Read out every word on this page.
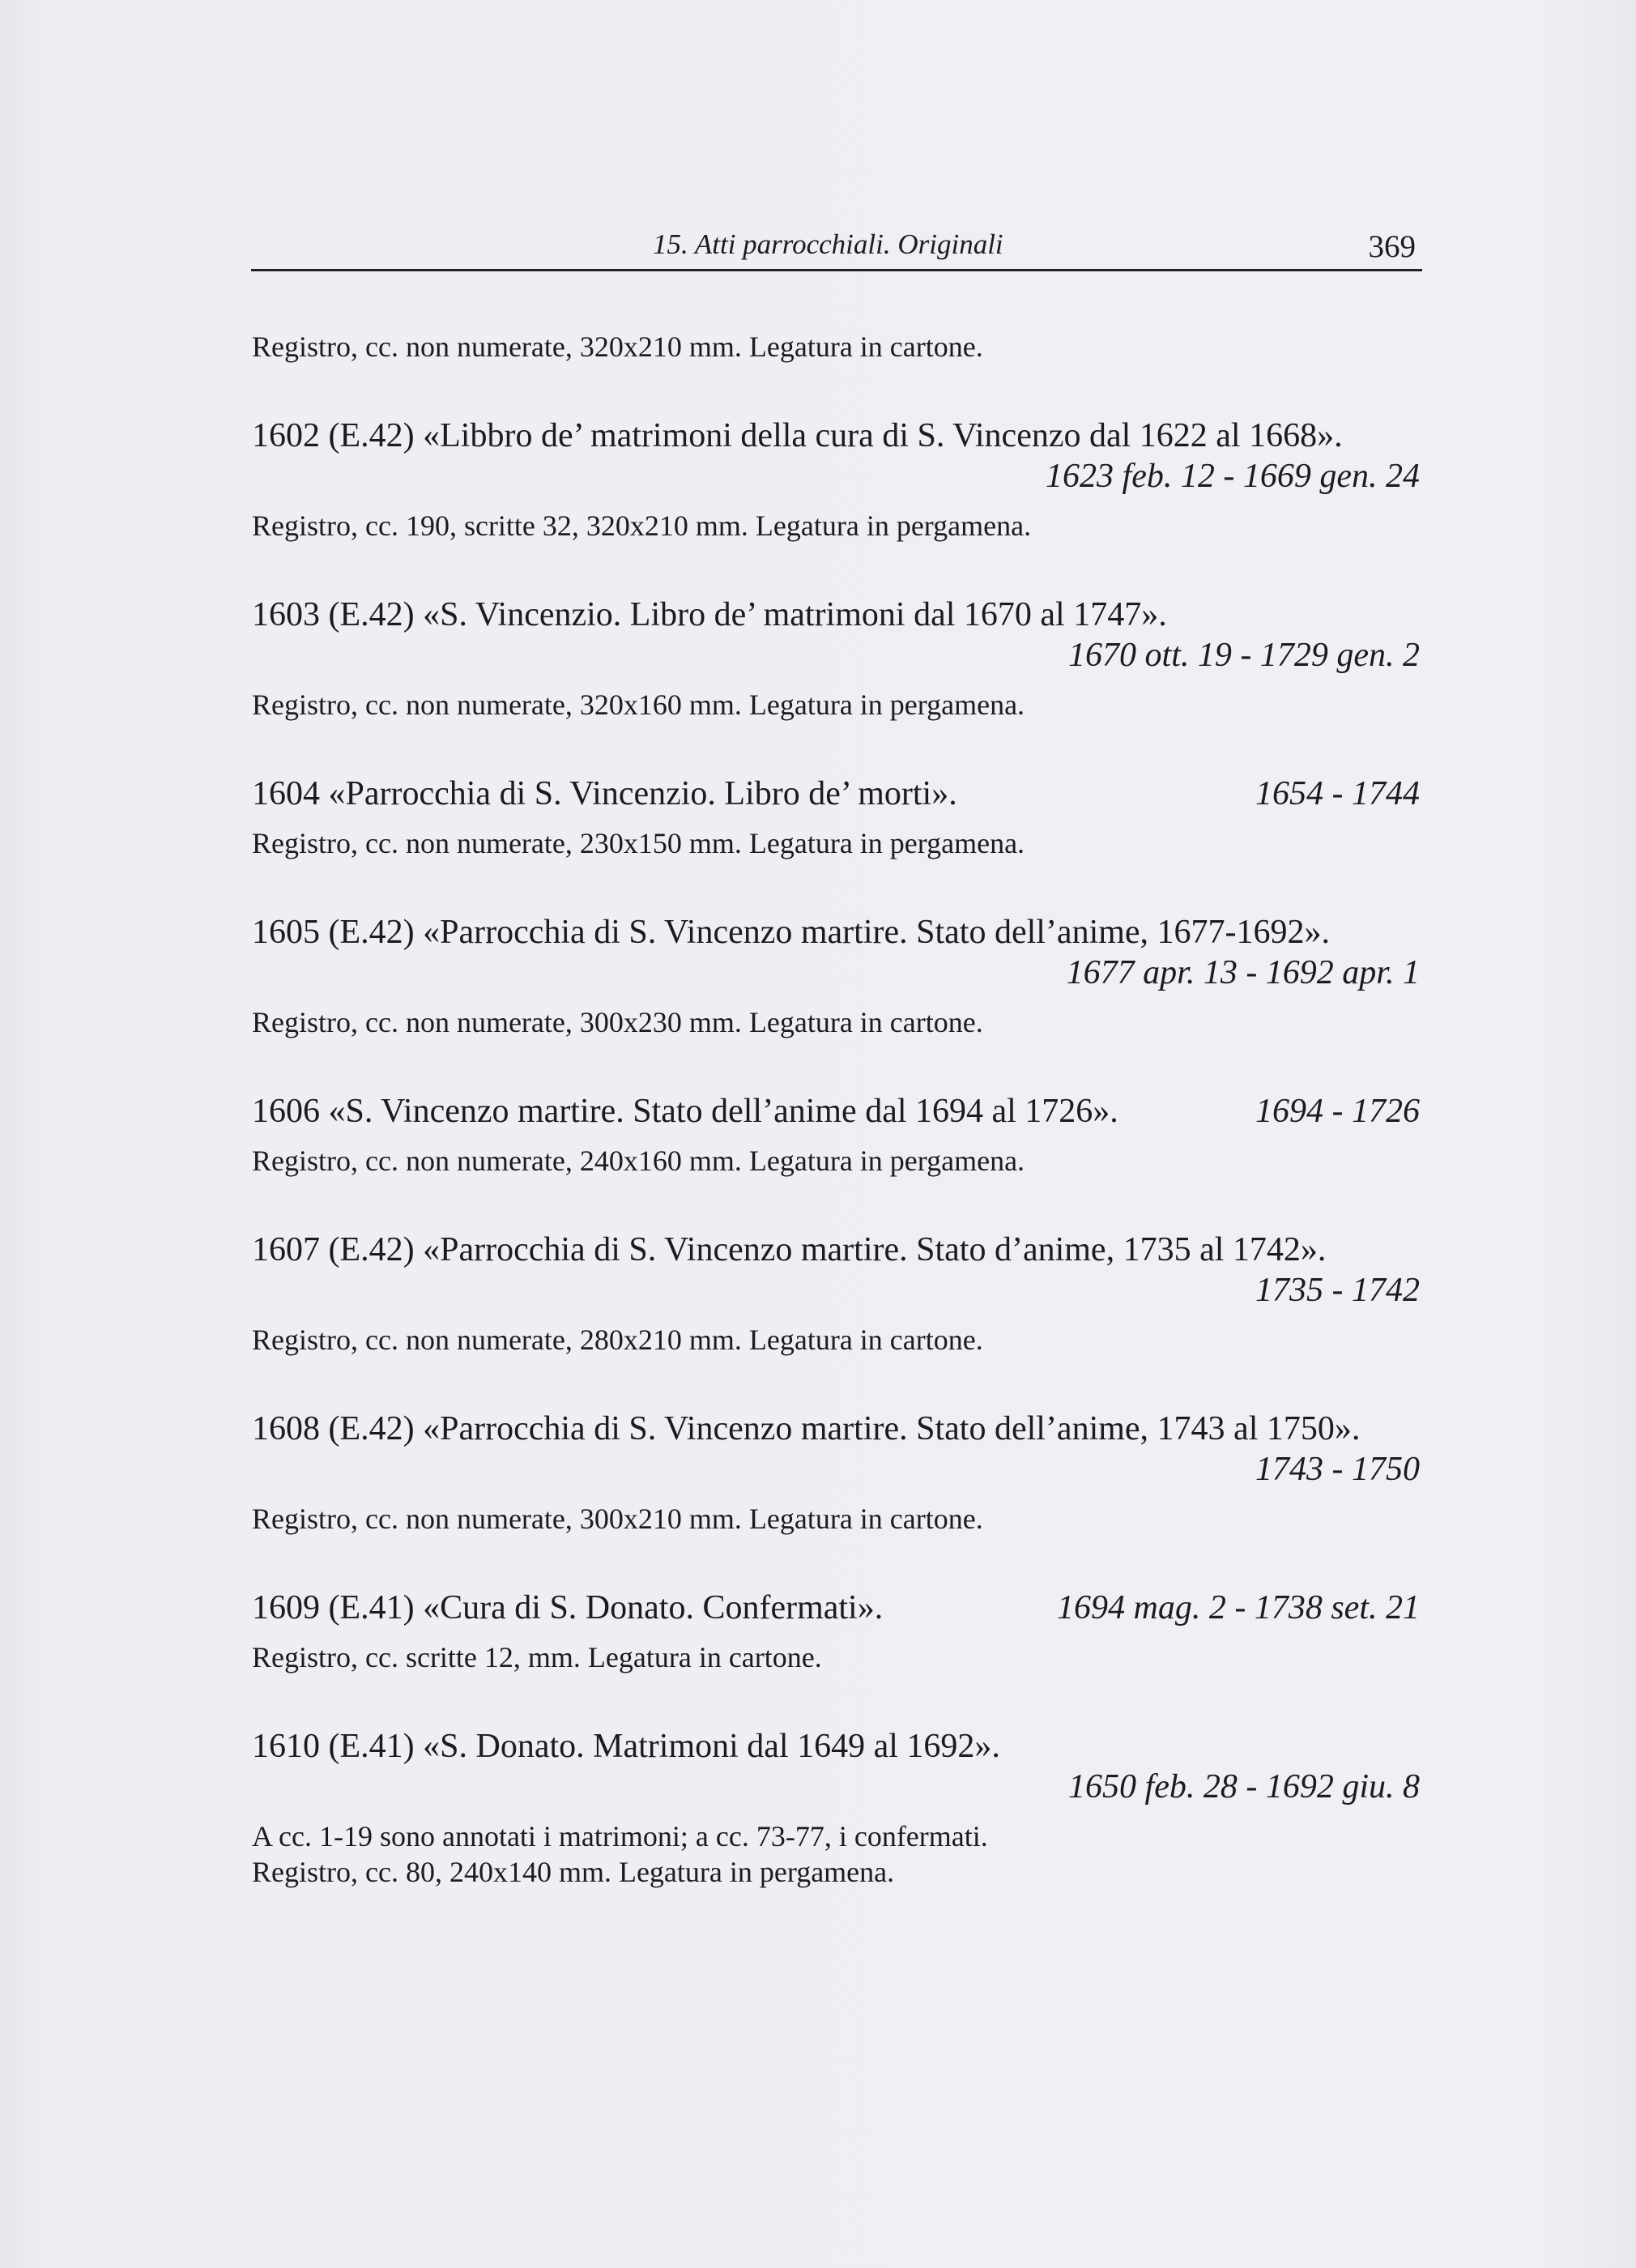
15. Atti parrocchiali. Originali	369
Registro, cc. non numerate, 320x210 mm. Legatura in cartone.
1602 (E.42) «Libbro de’ matrimoni della cura di S. Vincenzo dal 1622 al 1668».
1623 feb. 12 - 1669 gen. 24
Registro, cc. 190, scritte 32, 320x210 mm. Legatura in pergamena.
1603 (E.42) «S. Vincenzio. Libro de’ matrimoni dal 1670 al 1747».
1670 ott. 19 - 1729 gen. 2
Registro, cc. non numerate, 320x160 mm. Legatura in pergamena.
1654 - 1744
1604 «Parrocchia di S. Vincenzio. Libro de’ morti».
Registro, cc. non numerate, 230x150 mm. Legatura in pergamena.
1605 (E.42) «Parrocchia di S. Vincenzo martire. Stato dell’anime, 1677-1692».
1677 apr. 13 - 1692 apr. 1
Registro, cc. non numerate, 300x230 mm. Legatura in cartone.
1694 - 1726
1606 «S. Vincenzo martire. Stato dell’anime dal 1694 al 1726».
Registro, cc. non numerate, 240x160 mm. Legatura in pergamena.
1607 (E.42) «Parrocchia di S. Vincenzo martire. Stato d’anime, 1735 al 1742».
1735 - 1742
Registro, cc. non numerate, 280x210 mm. Legatura in cartone.
1608 (E.42) «Parrocchia di S. Vincenzo martire. Stato dell’anime, 1743 al 1750».
1743 - 1750
Registro, cc. non numerate, 300x210 mm. Legatura in cartone.
1694 mag. 2 - 1738 set. 21
1609 (E.41) «Cura di S. Donato. Confermati».
Registro, cc. scritte 12, mm. Legatura in cartone.
1610 (E.41) «S. Donato. Matrimoni dal 1649 al 1692».
1650 feb. 28 - 1692 giu. 8
A cc. 1-19 sono annotati i matrimoni; a cc. 73-77, i confermati.
Registro, cc. 80, 240x140 mm. Legatura in pergamena.
